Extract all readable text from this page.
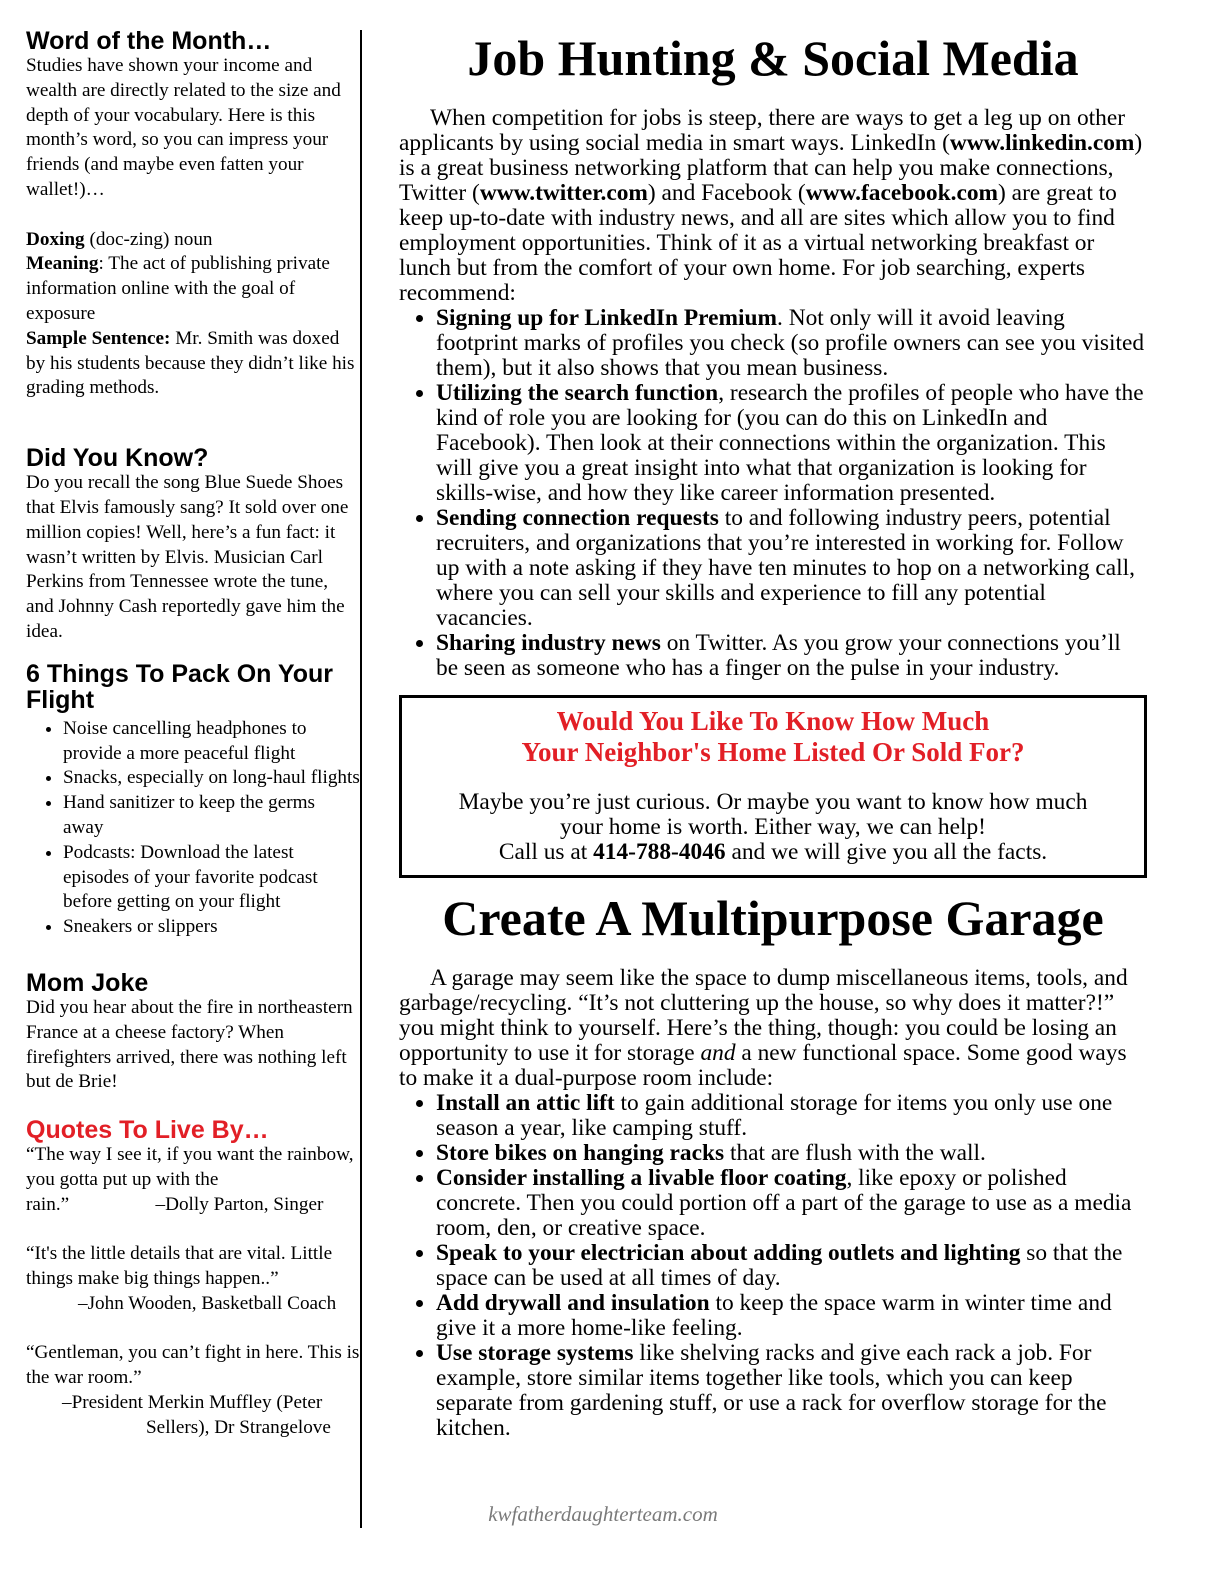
Word of the Month…

Studies have shown your income and wealth are directly related to the size and depth of your vocabulary. Here is this month’s word, so you can impress your friends (and maybe even fatten your wallet!)…

Doxing (doc-zing) noun
Meaning: The act of publishing private information online with the goal of exposure
Sample Sentence: Mr. Smith was doxed by his students because they didn’t like his grading methods.

Did You Know?

Do you recall the song Blue Suede Shoes that Elvis famously sang? It sold over one million copies! Well, here’s a fun fact: it wasn’t written by Elvis. Musician Carl Perkins from Tennessee wrote the tune, and Johnny Cash reportedly gave him the idea.

6 Things To Pack On Your Flight
• Noise cancelling headphones to provide a more peaceful flight
• Snacks, especially on long-haul flights
• Hand sanitizer to keep the germs away
• Podcasts: Download the latest episodes of your favorite podcast before getting on your flight
• Sneakers or slippers
Mom Joke

Did you hear about the fire in northeastern France at a cheese factory? When firefighters arrived, there was nothing left but de Brie!

Quotes To Live By…

“The way I see it, if you want the rainbow, you gotta put up with the rain.”	–Dolly Parton, Singer

“It's the little details that are vital. Little things make big things happen..”

–John Wooden, Basketball Coach

“Gentleman, you can’t fight in here. This is the war room.”

–President Merkin Muffley (Peter

Sellers), Dr Strangelove

Job Hunting & Social Media

When competition for jobs is steep, there are ways to get a leg up on other applicants by using social media in smart ways. LinkedIn (www.linkedin.com) is a great business networking platform that can help you make connections, Twitter (www.twitter.com) and Facebook (www.facebook.com) are great to keep up-to-date with industry news, and all are sites which allow you to find employment opportunities. Think of it as a virtual networking breakfast or lunch but from the comfort of your own home. For job searching, experts recommend:

• Signing up for LinkedIn Premium. Not only will it avoid leaving footprint marks of profiles you check (so profile owners can see you visited them), but it also shows that you mean business.
• Utilizing the search function, research the profiles of people who have the kind of role you are looking for (you can do this on LinkedIn and Facebook). Then look at their connections within the organization. This will give you a great insight into what that organization is looking for skills-wise, and how they like career information presented.
• Sending connection requests to and following industry peers, potential recruiters, and organizations that you’re interested in working for. Follow up with a note asking if they have ten minutes to hop on a networking call, where you can sell your skills and experience to fill any potential vacancies.
• Sharing industry news on Twitter. As you grow your connections you’ll be seen as someone who has a finger on the pulse in your industry.

Would You Like To Know How Much

Your Neighbor's Home Listed Or Sold For?

Maybe you’re just curious. Or maybe you want to know how much

your home is worth. Either way, we can help!

Call us at 414-788-4046 and we will give you all the facts.

Create A Multipurpose Garage

A garage may seem like the space to dump miscellaneous items, tools, and garbage/recycling. “It’s not cluttering up the house, so why does it matter?!” you might think to yourself. Here’s the thing, though: you could be losing an opportunity to use it for storage and a new functional space. Some good ways to make it a dual-purpose room include:

• Install an attic lift to gain additional storage for items you only use one season a year, like camping stuff.
• Store bikes on hanging racks that are flush with the wall.
• Consider installing a livable floor coating, like epoxy or polished concrete. Then you could portion off a part of the garage to use as a media room, den, or creative space.
• Speak to your electrician about adding outlets and lighting so that the space can be used at all times of day.
• Add drywall and insulation to keep the space warm in winter time and give it a more home-like feeling.
• Use storage systems like shelving racks and give each rack a job. For example, store similar items together like tools, which you can keep separate from gardening stuff, or use a rack for overflow storage for the kitchen.
kwfatherdaughterteam.com
